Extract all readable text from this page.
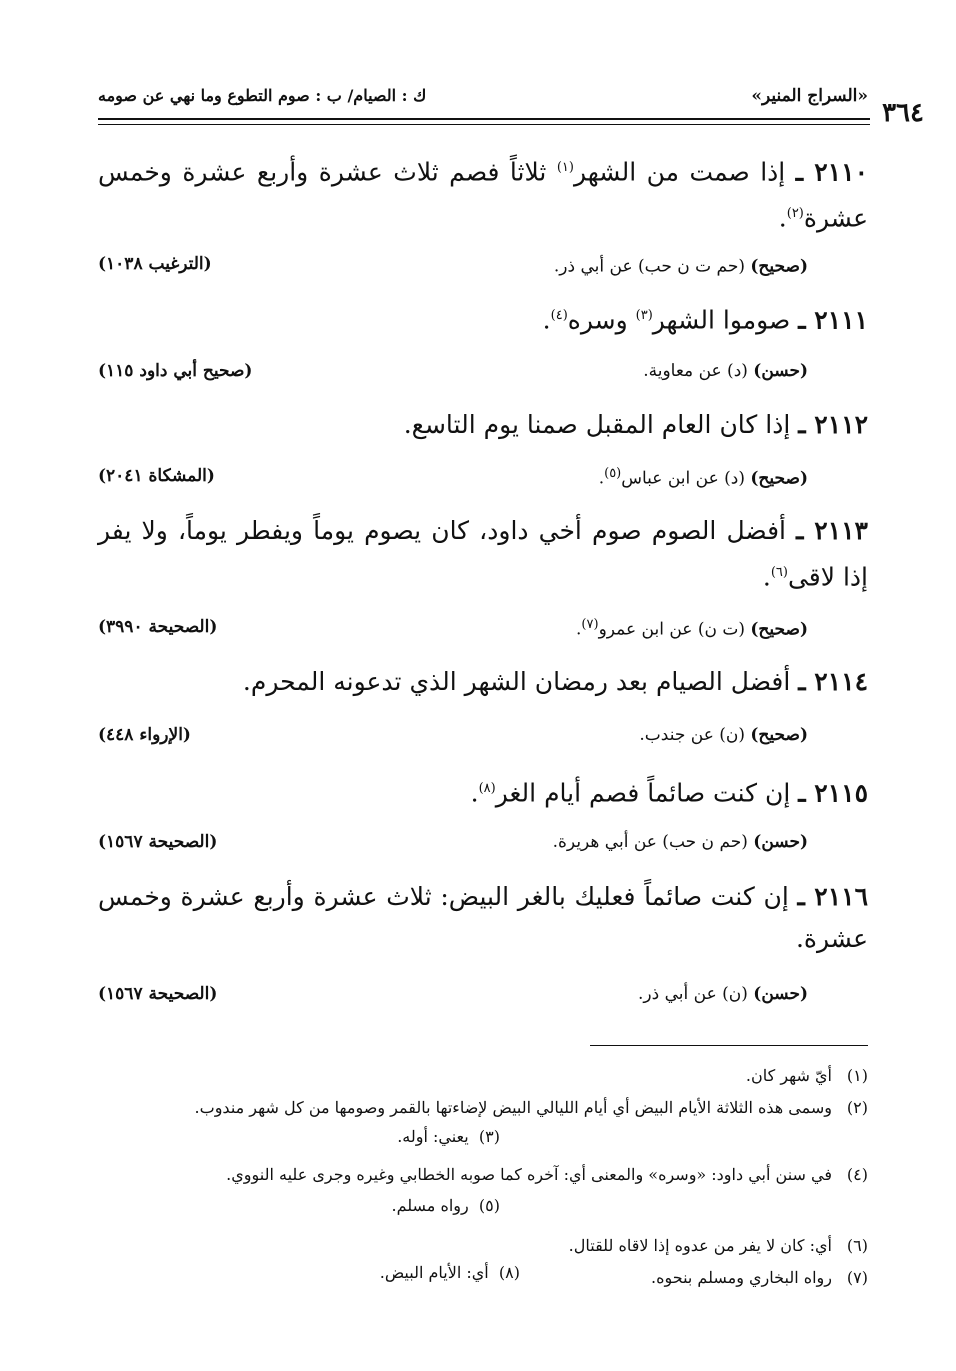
«السراج المنير»
ك : الصيام/ ب : صوم التطوع وما نهي عن صومه
٣٦٤
٢١١٠ ـ إذا صمت من الشهر$^{(١)}$ ثلاثاً فصم ثلاث عشرة وأربع عشرة وخمس عشرة$^{(٢)}$.
(صحيح) (حم ت ن حب) عن أبي ذر.
(الترغيب ١٠٣٨)
٢١١١ ـ صوموا الشهر$^{(٣)}$ وسره$^{(٤)}$.
(حسن) (د) عن معاوية.
(صحيح أبي داود ١١٥)
٢١١٢ ـ إذا كان العام المقبل صمنا يوم التاسع.
(صحيح) (د) عن ابن عباس$^{(٥)}$.
(المشكاة ٢٠٤١)
٢١١٣ ـ أفضل الصوم صوم أخي داود، كان يصوم يوماً ويفطر يوماً، ولا يفر إذا لاقى$^{(٦)}$.
(صحيح) (ت ن) عن ابن عمرو$^{(٧)}$.
(الصحيحة ٣٩٩٠)
٢١١٤ ـ أفضل الصيام بعد رمضان الشهر الذي تدعونه المحرم.
(صحيح) (ن) عن جندب.
(الإرواء ٤٤٨)
٢١١٥ ـ إن كنت صائماً فصم أيام الغر$^{(٨)}$.
(حسن) (حم ن حب) عن أبي هريرة.
(الصحيحة ١٥٦٧)
٢١١٦ ـ إن كنت صائماً فعليك بالغر البيض: ثلاث عشرة وأربع عشرة وخمس عشرة.
(حسن) (ن) عن أبي ذر.
(الصحيحة ١٥٦٧)
(١)أيّ شهر كان.
(٢)وسمى هذه الثلاثة الأيام البيض أي أيام الليالي البيض لإضاءتها بالقمر وصومها من كل شهر مندوب.
(٣)  يعني: أوله.
(٤)في سنن أبي داود: «وسره» والمعنى أي: آخره كما صوبه الخطابي وغيره وجرى عليه النووي.
(٥)  رواه مسلم.
(٦)أي: كان لا يفر من عدوه إذا لاقاه للقتال.
(٧)رواه البخاري ومسلم بنحوه.
(٨)  أي: الأيام البيض.
